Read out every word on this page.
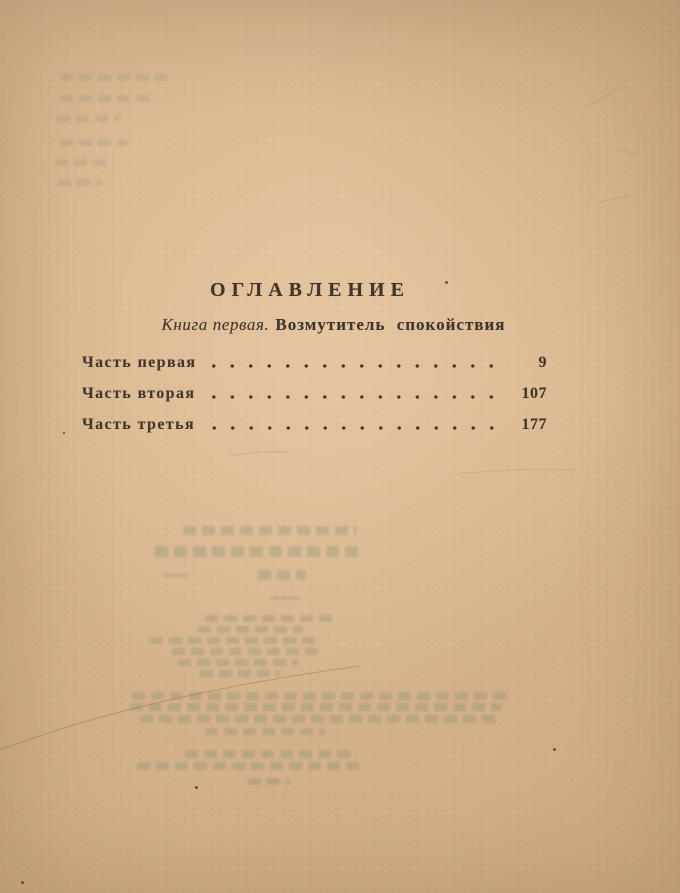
ОГЛАВЛЕНИЕ
Книга первая. Возмутитель спокойствия
Часть первая	9
Часть вторая	107
Часть третья	177
